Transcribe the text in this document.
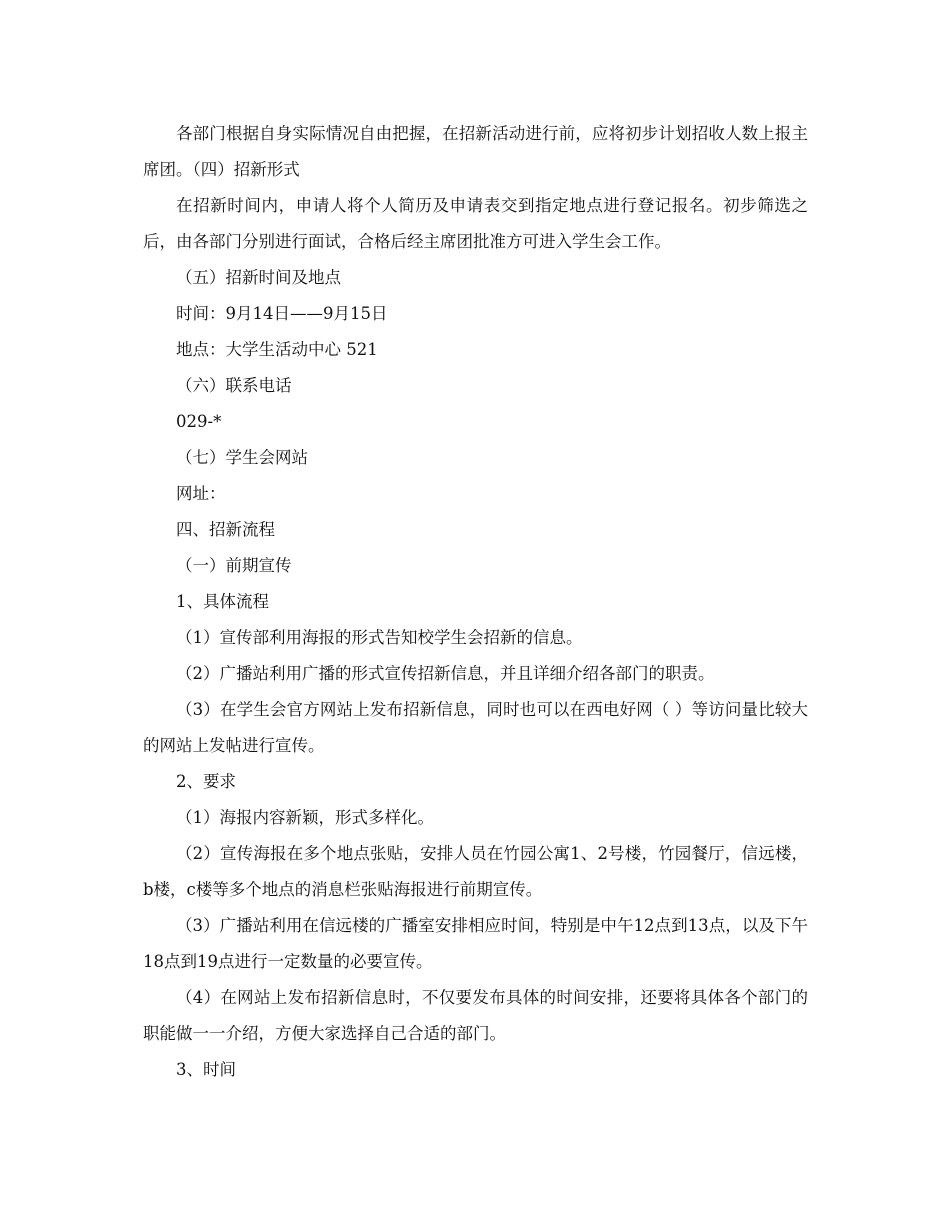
各部门根据自身实际情况自由把握，在招新活动进行前，应将初步计划招收人数上报主席团。（四）招新形式

在招新时间内，申请人将个人简历及申请表交到指定地点进行登记报名。初步筛选之后，由各部门分别进行面试，合格后经主席团批准方可进入学生会工作。

（五）招新时间及地点

时间：9月14日——9月15日

地点：大学生活动中心 521

（六）联系电话

029-*

（七）学生会网站

网址：

四、招新流程

（一）前期宣传

1、具体流程

（1）宣传部利用海报的形式告知校学生会招新的信息。

（2）广播站利用广播的形式宣传招新信息，并且详细介绍各部门的职责。

（3）在学生会官方网站上发布招新信息，同时也可以在西电好网（ ）等访问量比较大的网站上发帖进行宣传。

2、要求

（1）海报内容新颖，形式多样化。

（2）宣传海报在多个地点张贴，安排人员在竹园公寓1、2号楼，竹园餐厅，信远楼，b楼，c楼等多个地点的消息栏张贴海报进行前期宣传。

（3）广播站利用在信远楼的广播室安排相应时间，特别是中午12点到13点，以及下午18点到19点进行一定数量的必要宣传。

（4）在网站上发布招新信息时，不仅要发布具体的时间安排，还要将具体各个部门的职能做一一介绍，方便大家选择自己合适的部门。

3、时间
